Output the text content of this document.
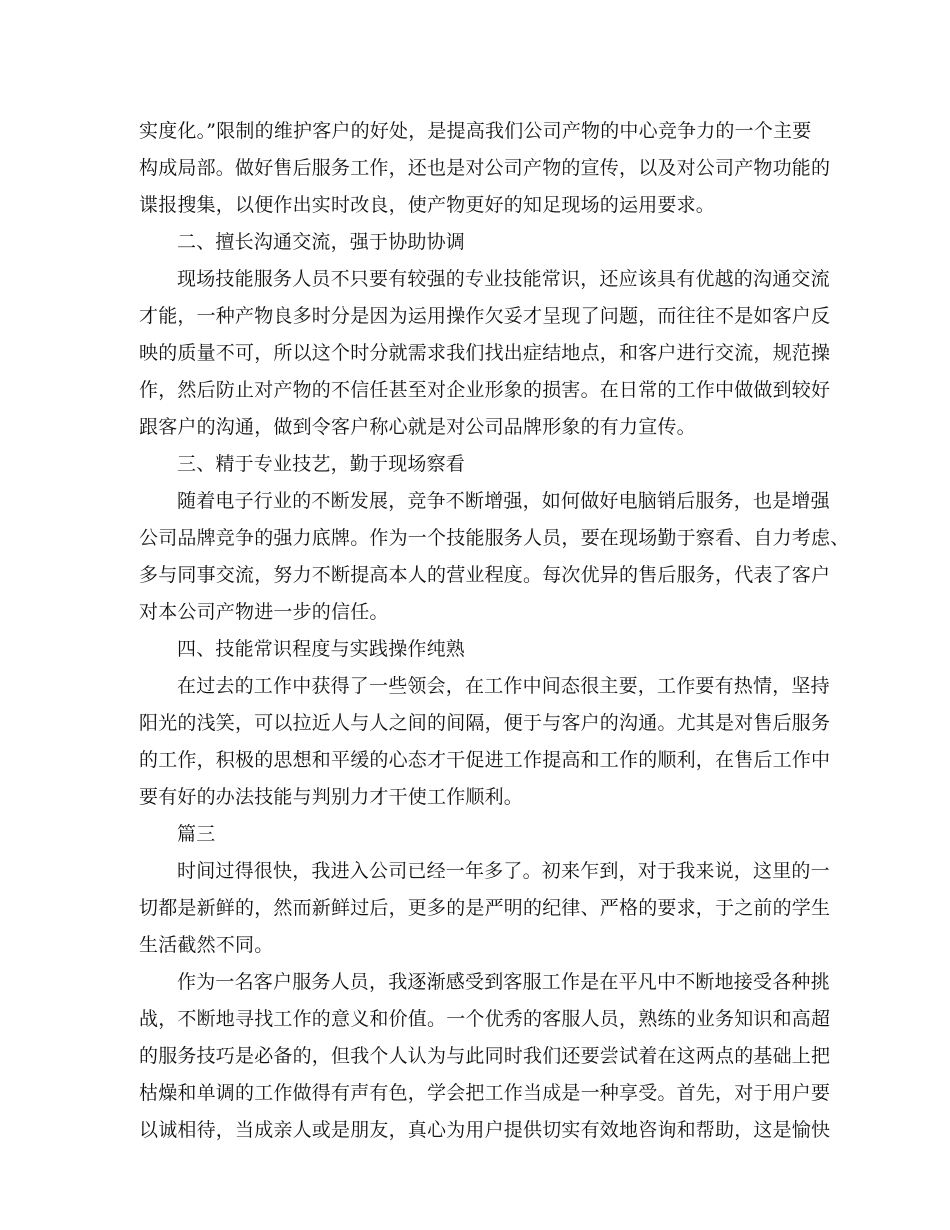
实度化。”限制的维护客户的好处，是提高我们公司产物的中心竞争力的一个主要
构成局部。做好售后服务工作，还也是对公司产物的宣传，以及对公司产物功能的
谍报搜集，以便作出实时改良，使产物更好的知足现场的运用要求。
二、擅长沟通交流，强于协助协调
现场技能服务人员不只要有较强的专业技能常识，还应该具有优越的沟通交流
才能，一种产物良多时分是因为运用操作欠妥才呈现了问题，而往往不是如客户反
映的质量不可，所以这个时分就需求我们找出症结地点，和客户进行交流，规范操
作，然后防止对产物的不信任甚至对企业形象的损害。在日常的工作中做做到较好
跟客户的沟通，做到令客户称心就是对公司品牌形象的有力宣传。
三、精于专业技艺，勤于现场察看
随着电子行业的不断发展，竞争不断增强，如何做好电脑销后服务，也是增强
公司品牌竞争的强力底牌。作为一个技能服务人员，要在现场勤于察看、自力考虑、
多与同事交流，努力不断提高本人的营业程度。每次优异的售后服务，代表了客户
对本公司产物进一步的信任。
四、技能常识程度与实践操作纯熟
在过去的工作中获得了一些领会，在工作中间态很主要，工作要有热情，坚持
阳光的浅笑，可以拉近人与人之间的间隔，便于与客户的沟通。尤其是对售后服务
的工作，积极的思想和平缓的心态才干促进工作提高和工作的顺利，在售后工作中
要有好的办法技能与判别力才干使工作顺利。
篇三
时间过得很快，我进入公司已经一年多了。初来乍到，对于我来说，这里的一
切都是新鲜的，然而新鲜过后，更多的是严明的纪律、严格的要求，于之前的学生
生活截然不同。
作为一名客户服务人员，我逐渐感受到客服工作是在平凡中不断地接受各种挑
战，不断地寻找工作的意义和价值。一个优秀的客服人员，熟练的业务知识和高超
的服务技巧是必备的，但我个人认为与此同时我们还要尝试着在这两点的基础上把
枯燥和单调的工作做得有声有色，学会把工作当成是一种享受。首先，对于用户要
以诚相待，当成亲人或是朋友，真心为用户提供切实有效地咨询和帮助，这是愉快
